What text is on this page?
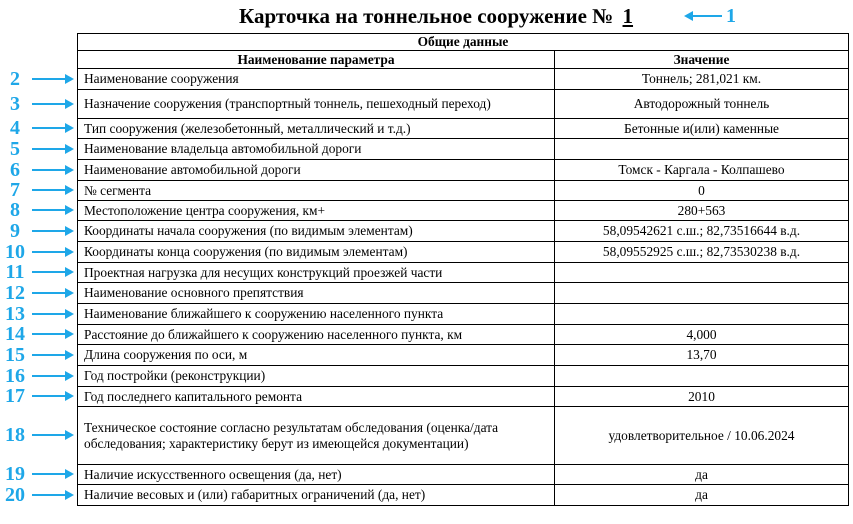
Карточка на тоннельное сооружение № 1	1
Общие данные	
Наименование параметра	Значение
Наименование сооружения	Тоннель; 281,021 км.
Назначение сооружения (транспортный тоннель, пешеходный переход)	Автодорожный тоннель
Тип сооружения (железобетонный, металлический и т.д.)	Бетонные и(или) каменные
Наименование владельца автомобильной дороги	
Наименование автомобильной дороги	Томск - Каргала - Колпашево
№ сегмента	0
Местоположение центра сооружения, км+	280+563
Координаты начала сооружения (по видимым элементам)	58,09542621 с.ш.; 82,73516644 в.д.
Координаты конца сооружения (по видимым элементам)	58,09552925 с.ш.; 82,73530238 в.д.
Проектная нагрузка для несущих конструкций проезжей части	
Наименование основного препятствия	
Наименование ближайшего к сооружению населенного пункта	
Расстояние до ближайшего к сооружению населенного пункта, км	4,000
Длина сооружения по оси, м	13,70
Год постройки (реконструкции)	
Год последнего капитального ремонта	2010
Техническое состояние согласно результатам обследования (оценка/дата обследования; характеристику берут из имеющейся документации)	удовлетворительное / 10.06.2024
Наличие искусственного освещения (да, нет)	да
Наличие весовых и (или) габаритных ограничений (да, нет)	да
2
3
4
5
6
7
8
9
10
11
12
13
14
15
16
17
18
19
20
